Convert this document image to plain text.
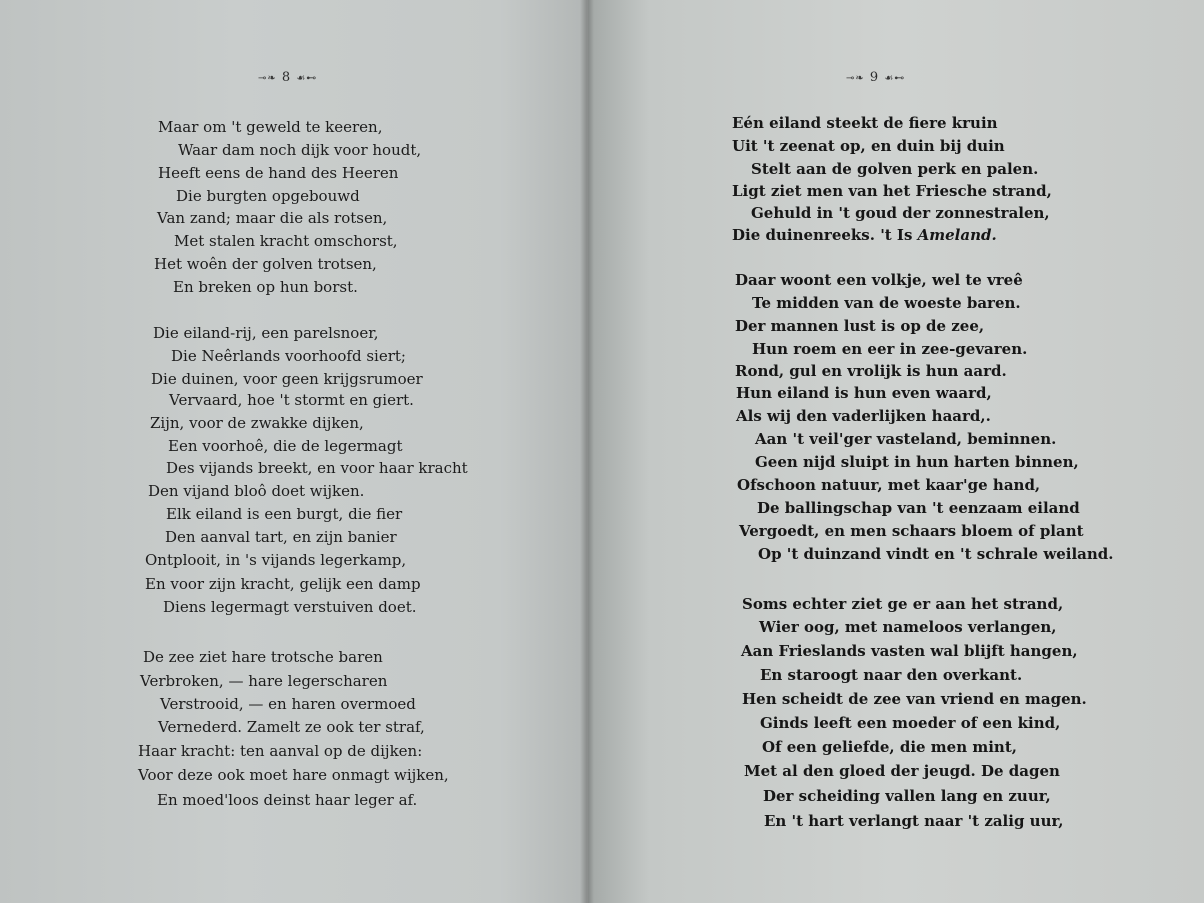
⊸❧ 8 ☙⊷
Maar om 't geweld te keeren,
Waar dam noch dijk voor houdt,
Heeft eens de hand des Heeren
Die burgten opgebouwd
Van zand; maar die als rotsen,
Met stalen kracht omschorst,
Het woên der golven trotsen,
En breken op hun borst.
Die eiland-rij, een parelsnoer,
Die Neêrlands voorhoofd siert;
Die duinen, voor geen krijgsrumoer
Vervaard, hoe 't stormt en giert.
Zijn, voor de zwakke dijken,
Een voorhoê, die de legermagt
Des vijands breekt, en voor haar kracht
Den vijand bloô doet wijken.
Elk eiland is een burgt, die fier
Den aanval tart, en zijn banier
Ontplooit, in 's vijands legerkamp,
En voor zijn kracht, gelijk een damp
Diens legermagt verstuiven doet.
De zee ziet hare trotsche baren
Verbroken, — hare legerscharen
Verstrooid, — en haren overmoed
Vernederd. Zamelt ze ook ter straf,
Haar kracht: ten aanval op de dijken:
Voor deze ook moet hare onmagt wijken,
En moed'loos deinst haar leger af.
⊸❧ 9 ☙⊷
Eén eiland steekt de fiere kruin
Uit 't zeenat op, en duin bij duin
Stelt aan de golven perk en palen.
Ligt ziet men van het Friesche strand,
Gehuld in 't goud der zonnestralen,
Die duinenreeks. 't Is Ameland.
Daar woont een volkje, wel te vreê
Te midden van de woeste baren.
Der mannen lust is op de zee,
Hun roem en eer in zee-gevaren.
Rond, gul en vrolijk is hun aard.
Hun eiland is hun even waard,
Als wij den vaderlijken haard,.
Aan 't veil'ger vasteland, beminnen.
Geen nijd sluipt in hun harten binnen,
Ofschoon natuur, met kaar'ge hand,
De ballingschap van 't eenzaam eiland
Vergoedt, en men schaars bloem of plant
Op 't duinzand vindt en 't schrale weiland.
Soms echter ziet ge er aan het strand,
Wier oog, met nameloos verlangen,
Aan Frieslands vasten wal blijft hangen,
En staroogt naar den overkant.
Hen scheidt de zee van vriend en magen.
Ginds leeft een moeder of een kind,
Of een geliefde, die men mint,
Met al den gloed der jeugd. De dagen
Der scheiding vallen lang en zuur,
En 't hart verlangt naar 't zalig uur,
